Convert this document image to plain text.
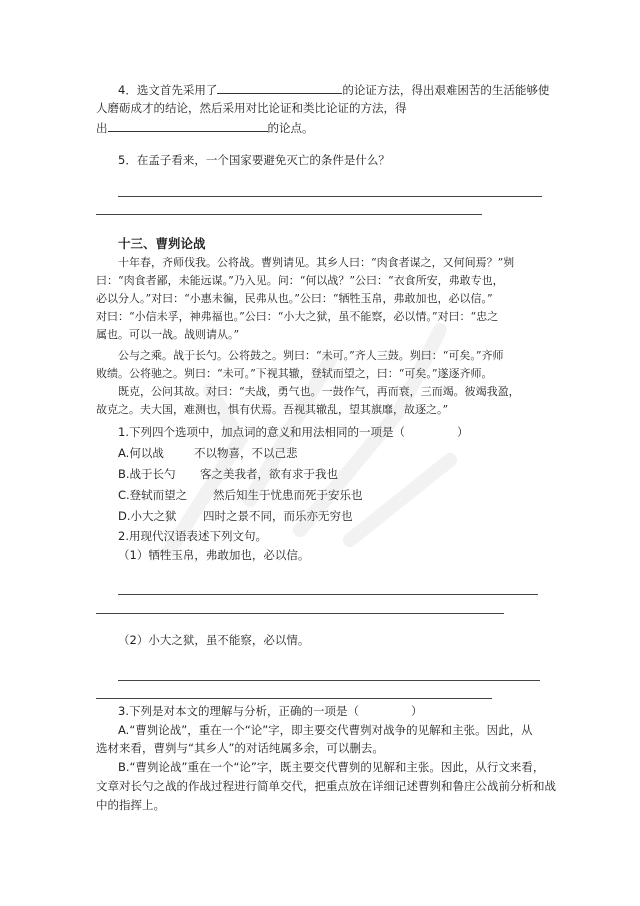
4．选文首先采用了	的论证方法，得出艰难困苦的生活能够使
人磨砺成才的结论，然后采用对比论证和类比论证的方法，得
出	的论点。
5．在孟子看来，一个国家要避免灭亡的条件是什么？
十三、曹刿论战
十年春，齐师伐我。公将战。曹刿请见。其乡人曰：“肉食者谋之，又何间焉？”刿
曰：“肉食者鄙，未能远谋。”乃入见。问：“何以战？”公曰：“衣食所安，弗敢专也，
必以分人。”对曰：“小惠未徧，民弗从也。”公曰：“牺牲玉帛，弗敢加也，必以信。”
对曰：“小信未孚，神弗福也。”公曰：“小大之狱，虽不能察，必以情。”对曰：“忠之
属也。可以一战。战则请从。”
公与之乘。战于长勺。公将鼓之。刿曰：“未可。”齐人三鼓。刿曰：“可矣。”齐师
败绩。公将驰之。刿曰：“未可。”下视其辙，登轼而望之，曰：“可矣。”遂逐齐师。
既克，公问其故。对曰：“夫战，勇气也。一鼓作气，再而衰，三而竭。彼竭我盈，
故克之。夫大国，难测也，惧有伏焉。吾视其辙乱，望其旗靡，故逐之。”
1.下列四个选项中，加点词的意义和用法相同的一项是（	）
A.何以战	不以物喜，不以己悲
B.战于长勺 客之美我者，欲有求于我也
C.登轼而望之 然后知生于忧患而死于安乐也
D.小大之狱 四时之景不同，而乐亦无穷也
2.用现代汉语表述下列文句。
（1）牺牲玉帛，弗敢加也，必以信。
（2）小大之狱，虽不能察，必以情。
3.下列是对本文的理解与分析，正确的一项是（	）
A.“曹刿论战”，重在一个“论”字，即主要交代曹刿对战争的见解和主张。因此，从
选材来看，曹刿与“其乡人”的对话纯属多余，可以删去。
B.“曹刿论战”重在一个“论”字，既主要交代曹刿的见解和主张。因此，从行文来看，
文章对长勺之战的作战过程进行简单交代，把重点放在详细记述曹刿和鲁庄公战前分析和战
中的指挥上。
